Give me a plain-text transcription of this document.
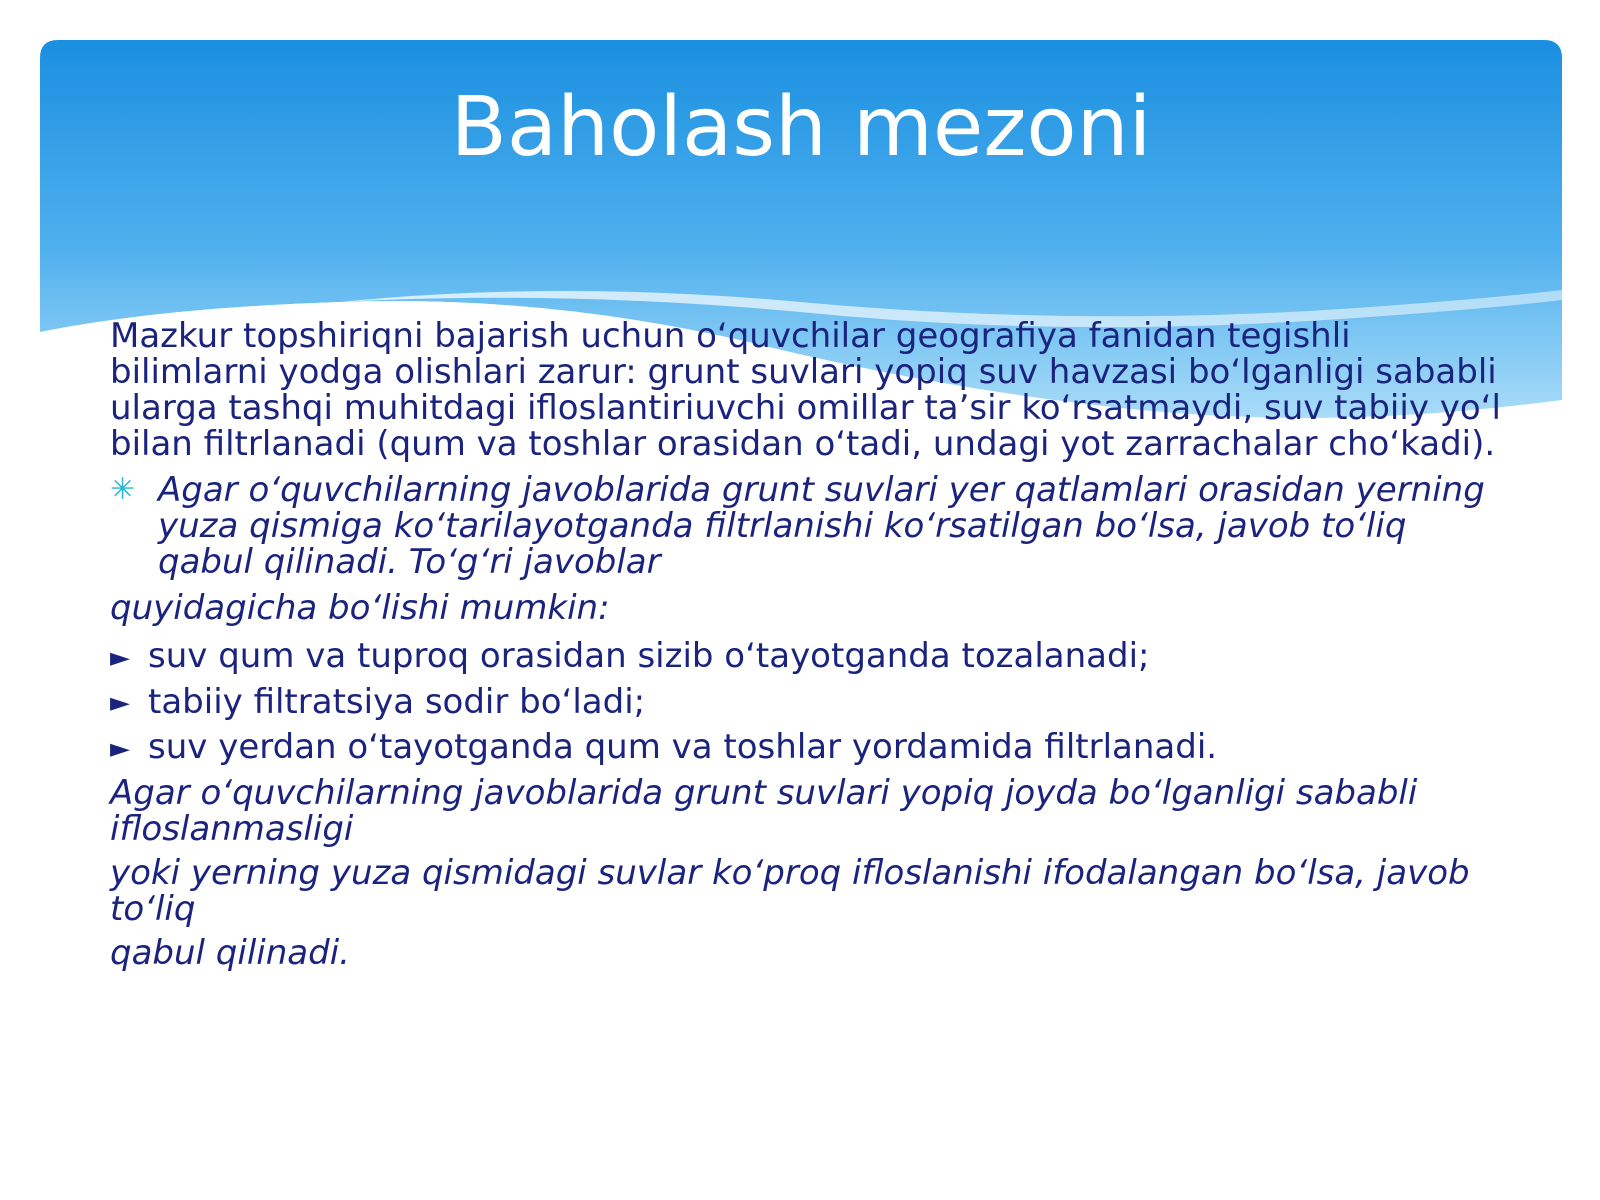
Baholash mezoni

Mazkur topshiriqni bajarish uchun o‘quvchilar geografiya fanidan tegishli bilimlarni yodga olishlari zarur: grunt suvlari yopiq suv havzasi bo‘lganligi sababli ularga tashqi muhitdagi ifloslantiriuvchi omillar ta’sir ko‘rsatmaydi, suv tabiiy yo‘l bilan filtrlanadi (qum va toshlar orasidan o‘tadi, undagi yot zarrachalar cho‘kadi).

✳ Agar o‘quvchilarning javoblarida grunt suvlari yer qatlamlari orasidan yerning yuza qismiga ko‘tarilayotganda filtrlanishi ko‘rsatilgan bo‘lsa, javob to‘liq qabul qilinadi. To‘g‘ri javoblar

quyidagicha bo‘lishi mumkin:

► suv qum va tuproq orasidan sizib o‘tayotganda tozalanadi;

► tabiiy filtratsiya sodir bo‘ladi;

► suv yerdan o‘tayotganda qum va toshlar yordamida filtrlanadi.

Agar o‘quvchilarning javoblarida grunt suvlari yopiq joyda bo‘lganligi sababli ifloslanmasligi

yoki yerning yuza qismidagi suvlar ko‘proq ifloslanishi ifodalangan bo‘lsa, javob to‘liq

qabul qilinadi.
